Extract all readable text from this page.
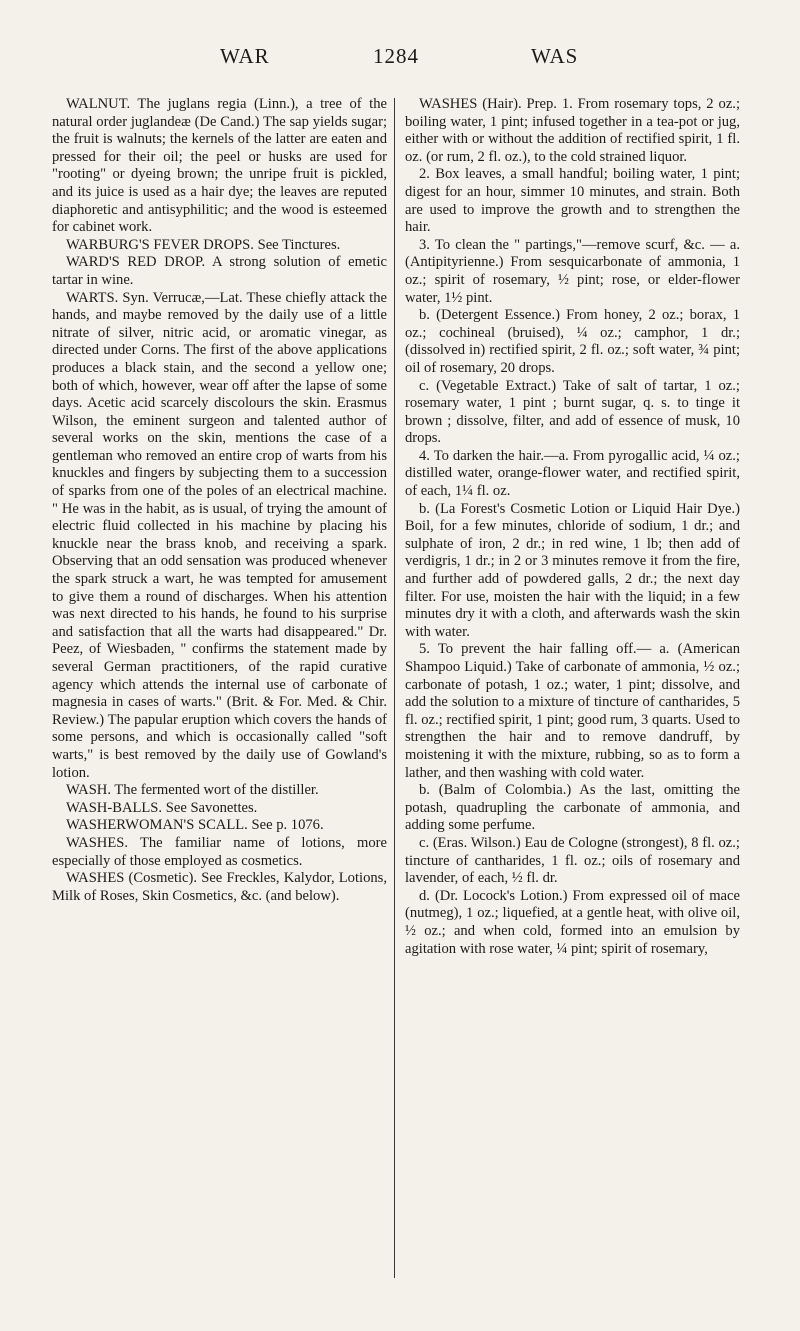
WAR	1284	WAS

WALNUT. The juglans regia (Linn.), a tree of the natural order juglandeæ (De Cand.) The sap yields sugar; the fruit is walnuts; the kernels of the latter are eaten and pressed for their oil; the peel or husks are used for "rooting" or dyeing brown; the unripe fruit is pickled, and its juice is used as a hair dye; the leaves are reputed diaphoretic and antisyphilitic; and the wood is esteemed for cabinet work.

WARBURG'S FEVER DROPS. See Tinctures.

WARD'S RED DROP. A strong solution of emetic tartar in wine.

WARTS. Syn. Verrucæ,—Lat. These chiefly attack the hands, and maybe removed by the daily use of a little nitrate of silver, nitric acid, or aromatic vinegar, as directed under Corns. The first of the above applications produces a black stain, and the second a yellow one; both of which, however, wear off after the lapse of some days. Acetic acid scarcely discolours the skin. Erasmus Wilson, the eminent surgeon and talented author of several works on the skin, mentions the case of a gentleman who removed an entire crop of warts from his knuckles and fingers by subjecting them to a succession of sparks from one of the poles of an electrical machine. " He was in the habit, as is usual, of trying the amount of electric fluid collected in his machine by placing his knuckle near the brass knob, and receiving a spark. Observing that an odd sensation was produced whenever the spark struck a wart, he was tempted for amusement to give them a round of discharges. When his attention was next directed to his hands, he found to his surprise and satisfaction that all the warts had disappeared." Dr. Peez, of Wiesbaden, " confirms the statement made by several German practitioners, of the rapid curative agency which attends the internal use of carbonate of magnesia in cases of warts." (Brit. & For. Med. & Chir. Review.) The papular eruption which covers the hands of some persons, and which is occasionally called "soft warts," is best removed by the daily use of Gowland's lotion.

WASH. The fermented wort of the distiller.

WASH-BALLS. See Savonettes.

WASHERWOMAN'S SCALL. See p. 1076.

WASHES. The familiar name of lotions, more especially of those employed as cosmetics.

WASHES (Cosmetic). See Freckles, Kalydor, Lotions, Milk of Roses, Skin Cosmetics, &c. (and below).

WASHES (Hair). Prep. 1. From rosemary tops, 2 oz.; boiling water, 1 pint; infused together in a tea-pot or jug, either with or without the addition of rectified spirit, 1 fl. oz. (or rum, 2 fl. oz.), to the cold strained liquor.

2. Box leaves, a small handful; boiling water, 1 pint; digest for an hour, simmer 10 minutes, and strain. Both are used to improve the growth and to strengthen the hair.

3. To clean the " partings,"—remove scurf, &c. — a. (Antipityrienne.) From sesquicarbonate of ammonia, 1 oz.; spirit of rosemary, ½ pint; rose, or elder-flower water, 1½ pint.

b. (Detergent Essence.) From honey, 2 oz.; borax, 1 oz.; cochineal (bruised), ¼ oz.; camphor, 1 dr.; (dissolved in) rectified spirit, 2 fl. oz.; soft water, ¾ pint; oil of rosemary, 20 drops.

c. (Vegetable Extract.) Take of salt of tartar, 1 oz.; rosemary water, 1 pint ; burnt sugar, q. s. to tinge it brown ; dissolve, filter, and add of essence of musk, 10 drops.

4. To darken the hair.—a. From pyrogallic acid, ¼ oz.; distilled water, orange-flower water, and rectified spirit, of each, 1¼ fl. oz.

b. (La Forest's Cosmetic Lotion or Liquid Hair Dye.) Boil, for a few minutes, chloride of sodium, 1 dr.; and sulphate of iron, 2 dr.; in red wine, 1 lb; then add of verdigris, 1 dr.; in 2 or 3 minutes remove it from the fire, and further add of powdered galls, 2 dr.; the next day filter. For use, moisten the hair with the liquid; in a few minutes dry it with a cloth, and afterwards wash the skin with water.

5. To prevent the hair falling off.— a. (American Shampoo Liquid.) Take of carbonate of ammonia, ½ oz.; carbonate of potash, 1 oz.; water, 1 pint; dissolve, and add the solution to a mixture of tincture of cantharides, 5 fl. oz.; rectified spirit, 1 pint; good rum, 3 quarts. Used to strengthen the hair and to remove dandruff, by moistening it with the mixture, rubbing, so as to form a lather, and then washing with cold water.

b. (Balm of Colombia.) As the last, omitting the potash, quadrupling the carbonate of ammonia, and adding some perfume.

c. (Eras. Wilson.) Eau de Cologne (strongest), 8 fl. oz.; tincture of cantharides, 1 fl. oz.; oils of rosemary and lavender, of each, ½ fl. dr.

d. (Dr. Locock's Lotion.) From expressed oil of mace (nutmeg), 1 oz.; liquefied, at a gentle heat, with olive oil, ½ oz.; and when cold, formed into an emulsion by agitation with rose water, ¼ pint; spirit of rosemary,
